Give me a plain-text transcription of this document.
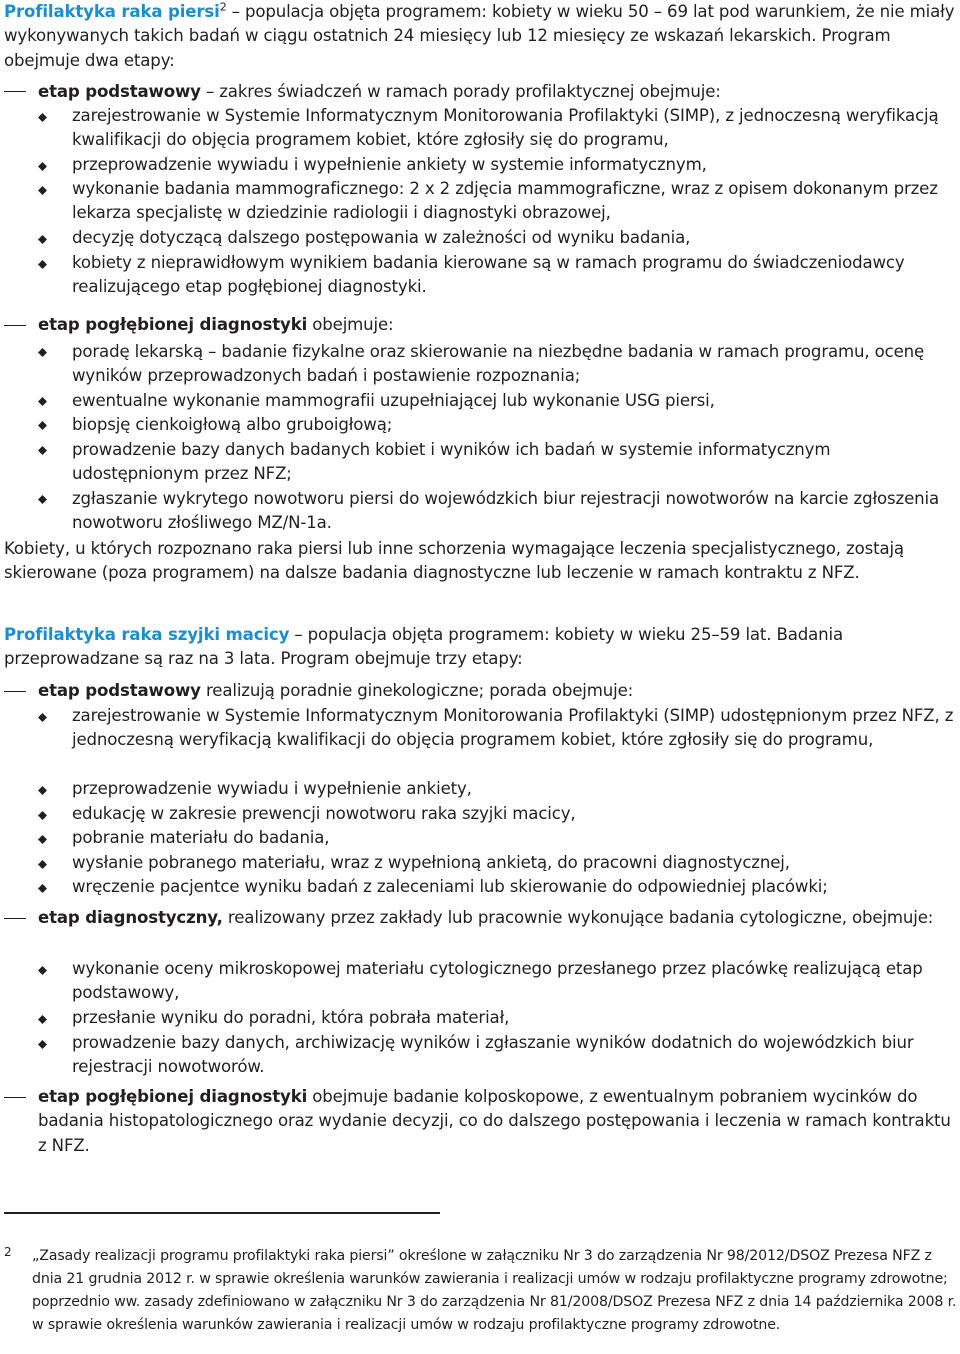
Profilaktyka raka piersi$^2$ – populacja objęta programem: kobiety w wieku 50 – 69 lat pod warunkiem, że nie miały wykonywanych takich badań w ciągu ostatnich 24 miesięcy lub 12 miesięcy ze wskazań lekarskich. Program obejmuje dwa etapy:

etap podstawowy – zakres świadczeń w ramach porady profilaktycznej obejmuje:
zarejestrowanie w Systemie Informatycznym Monitorowania Profilaktyki (SIMP), z jednoczesną weryfikacją kwalifikacji do objęcia programem kobiet, które zgłosiły się do programu,
przeprowadzenie wywiadu i wypełnienie ankiety w systemie informatycznym,
wykonanie badania mammograficznego: 2 x 2 zdjęcia mammograficzne, wraz z opisem dokonanym przez lekarza specjalistę w dziedzinie radiologii i diagnostyki obrazowej,
decyzję dotyczącą dalszego postępowania w zależności od wyniku badania,
kobiety z nieprawidłowym wynikiem badania kierowane są w ramach programu do świadczeniodawcy realizującego etap pogłębionej diagnostyki.
etap pogłębionej diagnostyki obejmuje:
poradę lekarską – badanie fizykalne oraz skierowanie na niezbędne badania w ramach programu, ocenę wyników przeprowadzonych badań i postawienie rozpoznania;
ewentualne wykonanie mammografii uzupełniającej lub wykonanie USG piersi,
biopsję cienkoigłową albo gruboigłową;
prowadzenie bazy danych badanych kobiet i wyników ich badań w systemie informatycznym udostępnionym przez NFZ;
zgłaszanie wykrytego nowotworu piersi do wojewódzkich biur rejestracji nowotworów na karcie zgłoszenia nowotworu złośliwego MZ/N-1a.

Kobiety, u których rozpoznano raka piersi lub inne schorzenia wymagające leczenia specjalistycznego, zostają skierowane (poza programem) na dalsze badania diagnostyczne lub leczenie w ramach kontraktu z NFZ.

Profilaktyka raka szyjki macicy – populacja objęta programem: kobiety w wieku 25–59 lat. Badania przeprowadzane są raz na 3 lata. Program obejmuje trzy etapy:

etap podstawowy realizują poradnie ginekologiczne; porada obejmuje:
zarejestrowanie w Systemie Informatycznym Monitorowania Profilaktyki (SIMP) udostępnionym przez NFZ, z jednoczesną weryfikacją kwalifikacji do objęcia programem kobiet, które zgłosiły się do programu,
przeprowadzenie wywiadu i wypełnienie ankiety,
edukację w zakresie prewencji nowotworu raka szyjki macicy,
pobranie materiału do badania,
wysłanie pobranego materiału, wraz z wypełnioną ankietą, do pracowni diagnostycznej,
wręczenie pacjentce wyniku badań z zaleceniami lub skierowanie do odpowiedniej placówki;
etap diagnostyczny, realizowany przez zakłady lub pracownie wykonujące badania cytologiczne, obejmuje:
wykonanie oceny mikroskopowej materiału cytologicznego przesłanego przez placówkę realizującą etap podstawowy,
przesłanie wyniku do poradni, która pobrała materiał,
prowadzenie bazy danych, archiwizację wyników i zgłaszanie wyników dodatnich do wojewódzkich biur rejestracji nowotworów.
etap pogłębionej diagnostyki obejmuje badanie kolposkopowe, z ewentualnym pobraniem wycinków do badania histopatologicznego oraz wydanie decyzji, co do dalszego postępowania i leczenia w ramach kontraktu z NFZ.
2 „Zasady realizacji programu profilaktyki raka piersi” określone w załączniku Nr 3 do zarządzenia Nr 98/2012/DSOZ Prezesa NFZ z dnia 21 grudnia 2012 r. w sprawie określenia warunków zawierania i realizacji umów w rodzaju profilaktyczne programy zdrowotne; poprzednio ww. zasady zdefiniowano w załączniku Nr 3 do zarządzenia Nr 81/2008/DSOZ Prezesa NFZ z dnia 14 października 2008 r. w sprawie określenia warunków zawierania i realizacji umów w rodzaju profilaktyczne programy zdrowotne.
